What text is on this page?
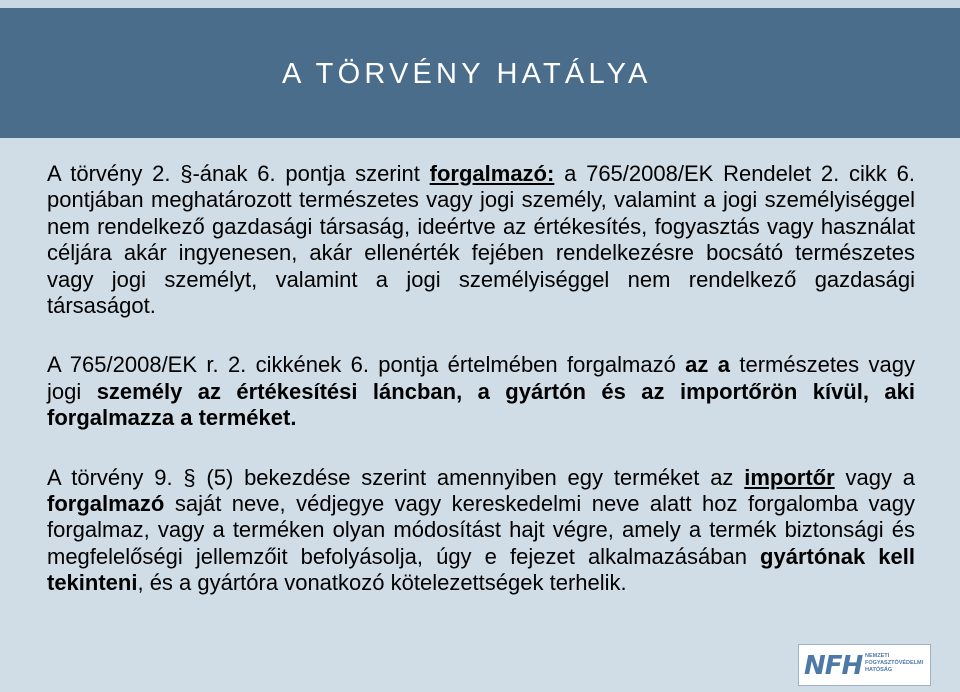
A TÖRVÉNY HATÁLYA

A törvény 2. §-ának 6. pontja szerint forgalmazó: a 765/2008/EK Rendelet 2. cikk 6. pontjában meghatározott természetes vagy jogi személy, valamint a jogi személyiséggel nem rendelkező gazdasági társaság, ideértve az értékesítés, fogyasztás vagy használat céljára akár ingyenesen, akár ellenérték fejében rendelkezésre bocsátó természetes vagy jogi személyt, valamint a jogi személyiséggel nem rendelkező gazdasági társaságot.

A 765/2008/EK r. 2. cikkének 6. pontja értelmében forgalmazó az a természetes vagy jogi személy az értékesítési láncban, a gyártón és az importőrön kívül, aki forgalmazza a terméket.

A törvény 9. § (5) bekezdése szerint amennyiben egy terméket az importőr vagy a forgalmazó saját neve, védjegye vagy kereskedelmi neve alatt hoz forgalomba vagy forgalmaz, vagy a terméken olyan módosítást hajt végre, amely a termék biztonsági és megfelelőségi jellemzőit befolyásolja, úgy e fejezet alkalmazásában gyártónak kell tekinteni, és a gyártóra vonatkozó kötelezettségek terhelik.

NFH NEMZETI FOGYASZTÓVÉDELMI HATÓSÁG
